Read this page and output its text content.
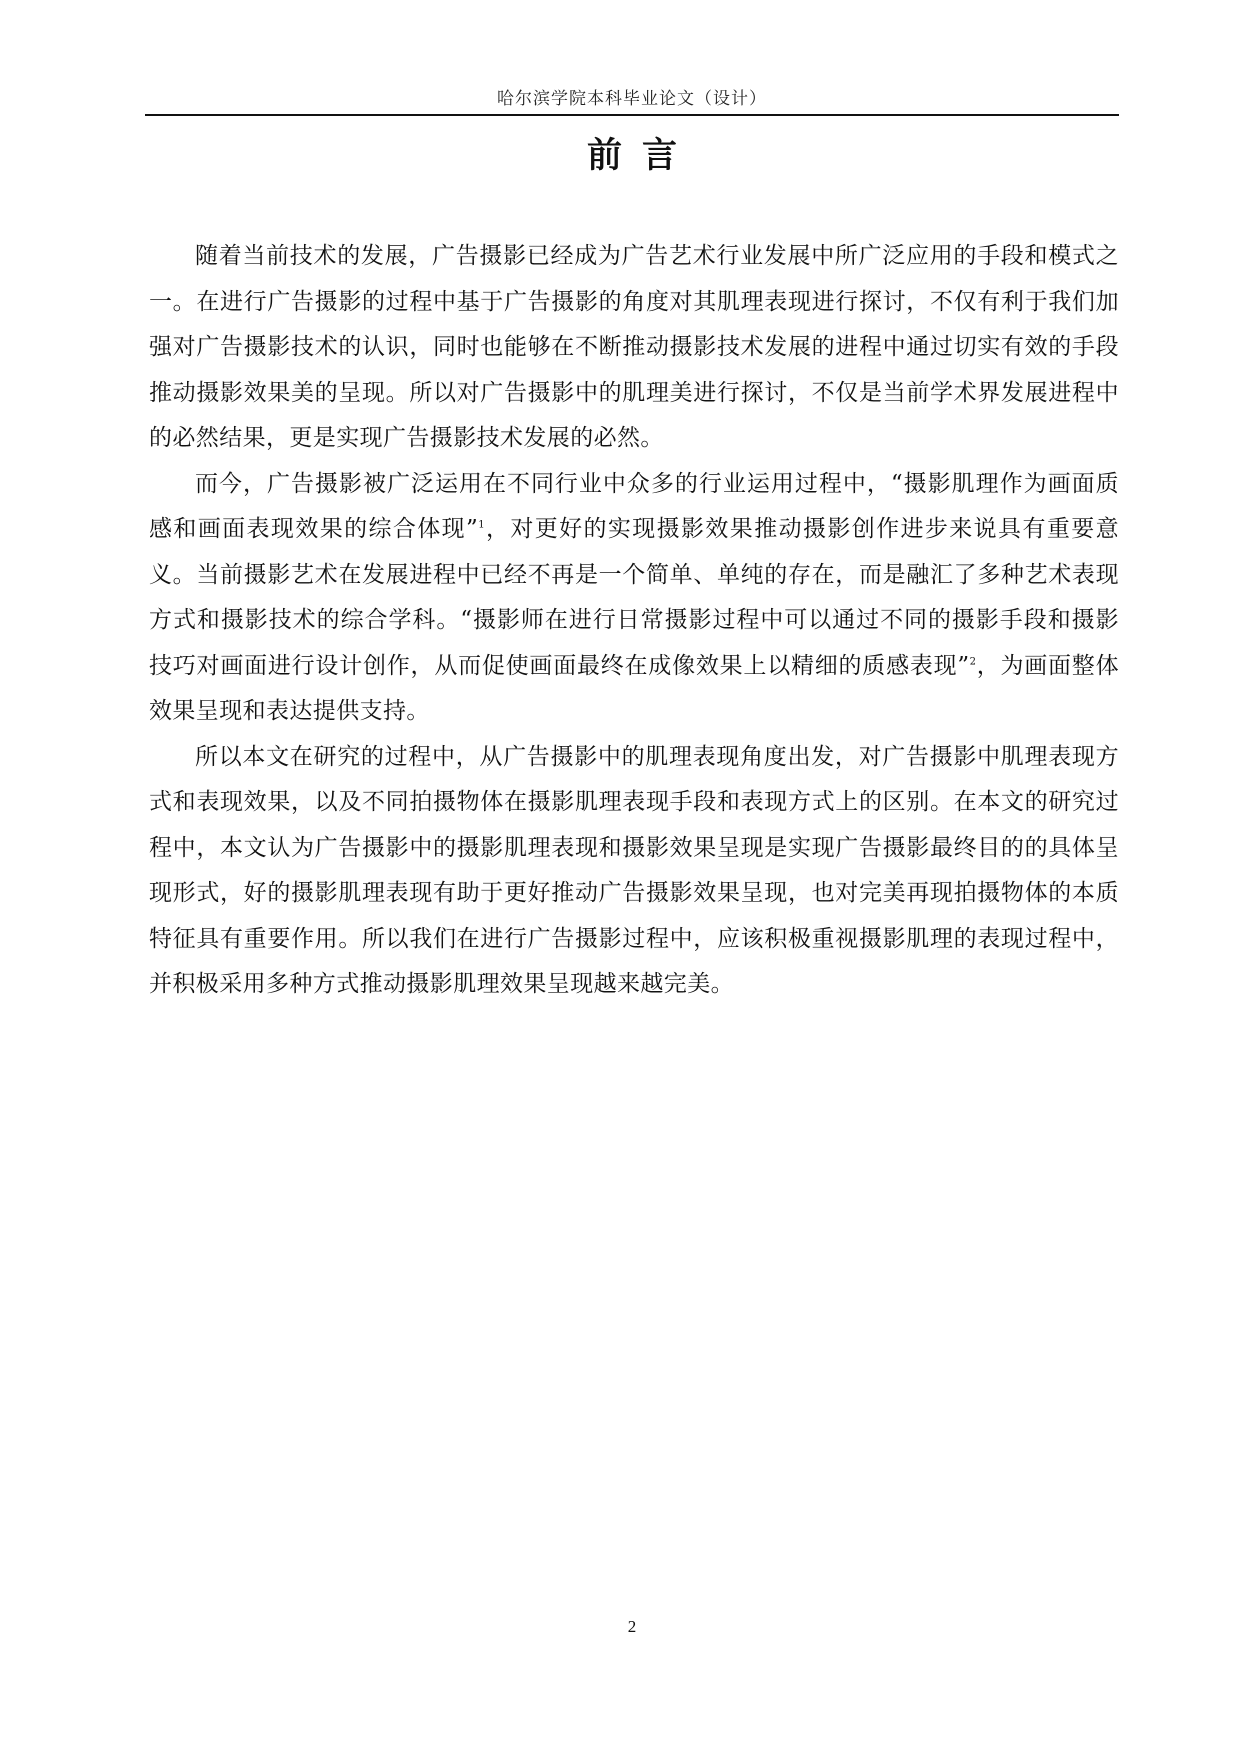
哈尔滨学院本科毕业论文（设计）
前言

随着当前技术的发展，广告摄影已经成为广告艺术行业发展中所广泛应用的手段和模式之一。在进行广告摄影的过程中基于广告摄影的角度对其肌理表现进行探讨，不仅有利于我们加强对广告摄影技术的认识，同时也能够在不断推动摄影技术发展的进程中通过切实有效的手段推动摄影效果美的呈现。所以对广告摄影中的肌理美进行探讨，不仅是当前学术界发展进程中的必然结果，更是实现广告摄影技术发展的必然。

而今，广告摄影被广泛运用在不同行业中众多的行业运用过程中，“摄影肌理作为画面质感和画面表现效果的综合体现”$^1$，对更好的实现摄影效果推动摄影创作进步来说具有重要意义。当前摄影艺术在发展进程中已经不再是一个简单、单纯的存在，而是融汇了多种艺术表现方式和摄影技术的综合学科。“摄影师在进行日常摄影过程中可以通过不同的摄影手段和摄影技巧对画面进行设计创作，从而促使画面最终在成像效果上以精细的质感表现”$^2$，为画面整体效果呈现和表达提供支持。

所以本文在研究的过程中，从广告摄影中的肌理表现角度出发，对广告摄影中肌理表现方式和表现效果，以及不同拍摄物体在摄影肌理表现手段和表现方式上的区别。在本文的研究过程中，本文认为广告摄影中的摄影肌理表现和摄影效果呈现是实现广告摄影最终目的的具体呈现形式，好的摄影肌理表现有助于更好推动广告摄影效果呈现，也对完美再现拍摄物体的本质特征具有重要作用。所以我们在进行广告摄影过程中，应该积极重视摄影肌理的表现过程中，并积极采用多种方式推动摄影肌理效果呈现越来越完美。

2
